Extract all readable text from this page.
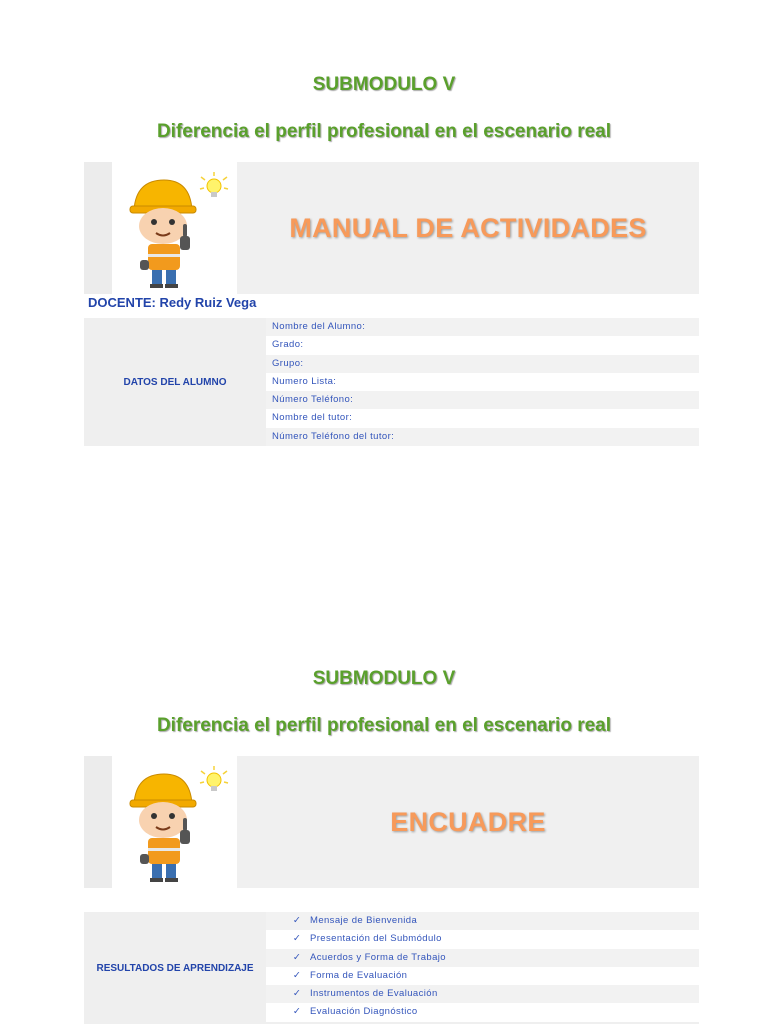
SUBMODULO V
Diferencia el perfil profesional en el escenario real
MANUAL DE ACTIVIDADES
DOCENTE: Redy Ruiz Vega
DATOS DEL ALUMNO
Nombre del Alumno:
Grado:
Grupo:
Numero Lista:
Número Teléfono:
Nombre del tutor:
Número Teléfono del tutor:
SUBMODULO V
Diferencia el perfil profesional en el escenario real
ENCUADRE
RESULTADOS DE APRENDIZAJE
✓ Mensaje de Bienvenida
✓ Presentación del Submódulo
✓ Acuerdos y Forma de Trabajo
✓ Forma de Evaluación
✓ Instrumentos de Evaluación
✓ Evaluación Diagnóstico
